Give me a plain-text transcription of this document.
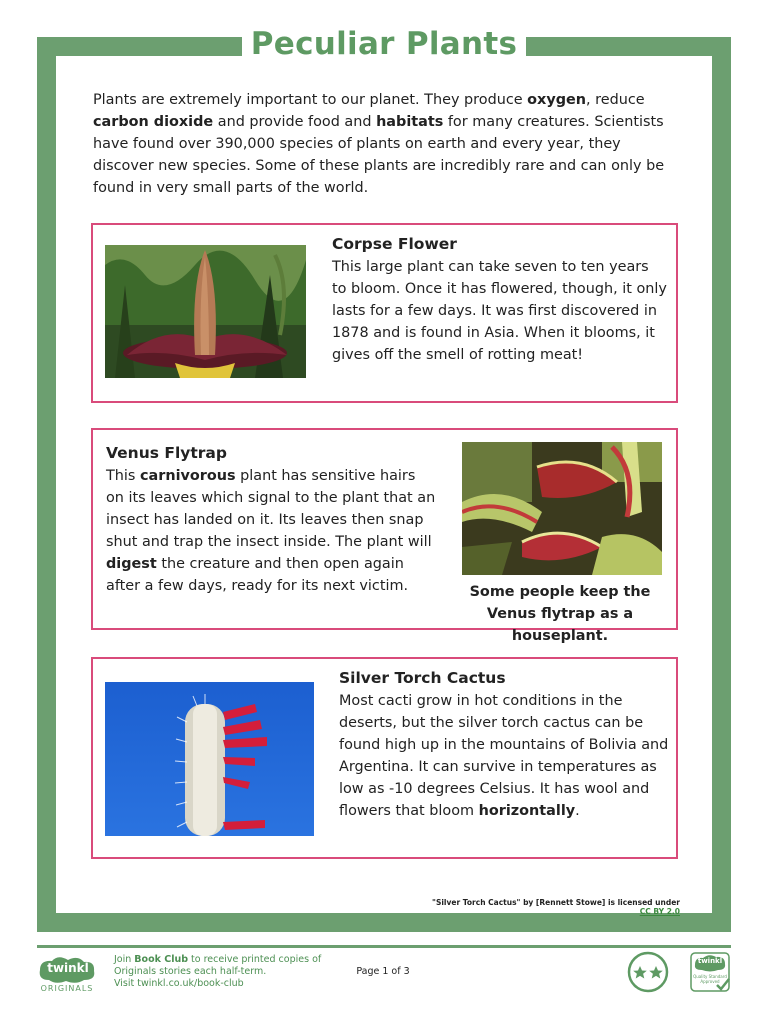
Peculiar Plants

Plants are extremely important to our planet. They produce oxygen, reduce carbon dioxide and provide food and habitats for many creatures. Scientists have found over 390,000 species of plants on earth and every year, they discover new species. Some of these plants are incredibly rare and can only be found in very small parts of the world.

Corpse Flower

This large plant can take seven to ten years to bloom. Once it has flowered, though, it only lasts for a few days. It was first discovered in 1878 and is found in Asia. When it blooms, it gives off the smell of rotting meat!

Venus Flytrap

This carnivorous plant has sensitive hairs on its leaves which signal to the plant that an insect has landed on it. Its leaves then snap shut and trap the insect inside. The plant will digest the creature and then open again after a few days, ready for its next victim.	Some people keep the Venus flytrap as a houseplant.

Silver Torch Cactus

Most cacti grow in hot conditions in the deserts, but the silver torch cactus can be found high up in the mountains of Bolivia and Argentina. It can survive in temperatures as low as -10 degrees Celsius. It has wool and flowers that bloom horizontally.

"Silver Torch Cactus" by [Rennett Stowe] is licensed under CC BY 2.0
twinkl
ORIGINALS

Join Book Club to receive printed copies of Originals stories each half-term.
Visit twinkl.co.uk/book-club

Page 1 of 3
twinkl
Quality Standard
Approved
